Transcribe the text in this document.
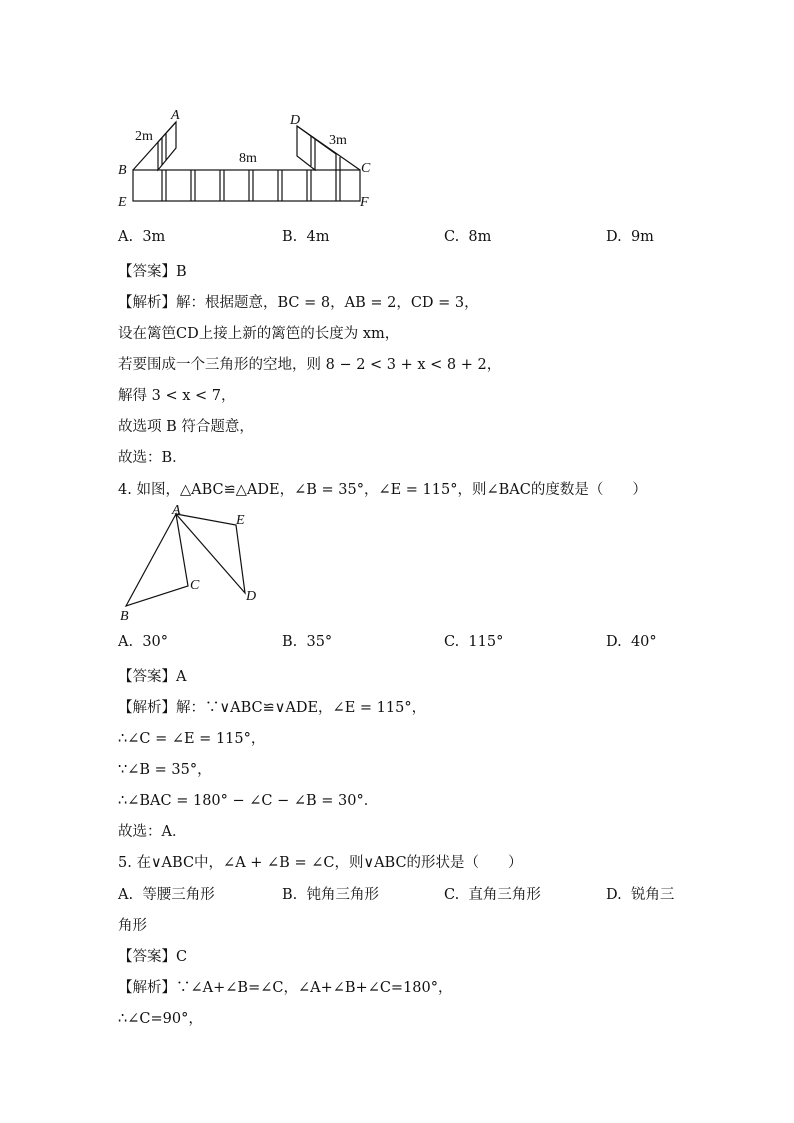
A
B
E
D
C
F
2m
8m
3m
A. 3m	B. 4m	C. 8m	D. 9m
【答案】B
【解析】解：根据题意，BC = 8，AB = 2，CD = 3，
设在篱笆CD上接上新的篱笆的长度为 xm，
若要围成一个三角形的空地，则 8 − 2 < 3 + x < 8 + 2，
解得 3 < x < 7，
故选项 B 符合题意，
故选：B．
4. 如图，△ABC≌△ADE，∠B = 35°，∠E = 115°，则∠BAC的度数是（　　）
A
B
C
D
E
A. 30°	B. 35°	C. 115°	D. 40°
【答案】A
【解析】解：∵∨ABC≌∨ADE，∠E = 115°，
∴∠C = ∠E = 115°，
∵∠B = 35°，
∴∠BAC = 180° − ∠C − ∠B = 30°．
故选：A．
5. 在∨ABC中，∠A + ∠B = ∠C，则∨ABC的形状是（　　）
A. 等腰三角形	B. 钝角三角形	C. 直角三角形	D. 锐角三
角形
【答案】C
【解析】∵∠A+∠B=∠C，∠A+∠B+∠C=180°，
∴∠C=90°，
